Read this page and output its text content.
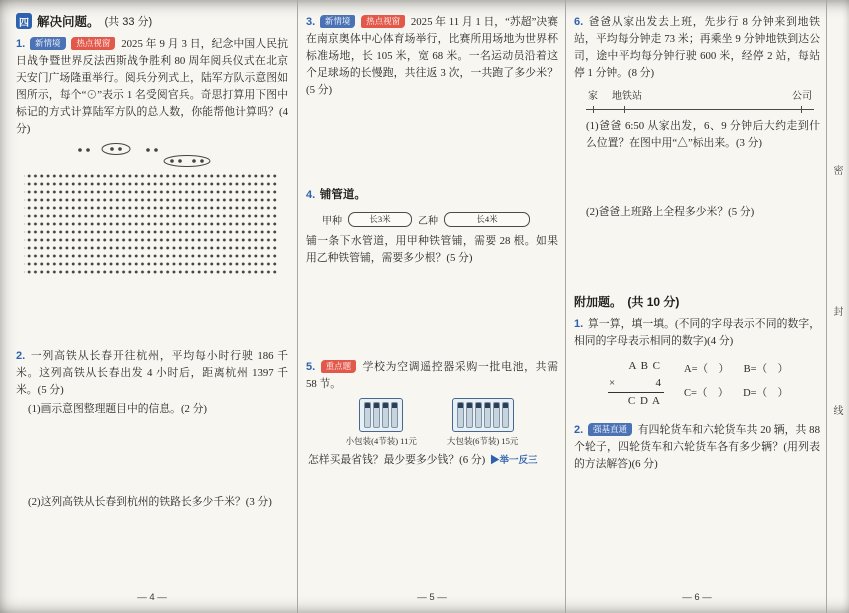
四 解决问题。 (共 33 分)

1. 新情境 热点视窗 2025 年 9 月 3 日，纪念中国人民抗日战争暨世界反法西斯战争胜利 80 周年阅兵仪式在北京天安门广场隆重举行。阅兵分列式上，陆军方队示意图如图所示，每个“⊙”表示 1 名受阅官兵。奇思打算用下图中标记的方式计算陆军方队的总人数，你能帮他计算吗？(4 分)

2. 一列高铁从长春开往杭州，平均每小时行驶 186 千米。这列高铁从长春出发 4 小时后，距离杭州 1397 千米。(5 分)

(1)画示意图整理题目中的信息。(2 分)

(2)这列高铁从长春到杭州的铁路长多少千米？(3 分)

— 4 —

3. 新情境 热点视窗 2025 年 11 月 1 日，“苏超”决赛在南京奥体中心体育场举行，比赛所用场地为世界杯标准场地，长 105 米，宽 68 米。一名运动员沿着这个足球场的长慢跑，共往返 3 次，一共跑了多少米？(5 分)

4. 铺管道。

甲种	长3米	乙种	长4米

铺一条下水管道，用甲种铁管铺，需要 28 根。如果用乙种铁管铺，需要多少根？(5 分)

5. 重点题 学校为空调遥控器采购一批电池，共需 58 节。

小包装(4节装) 11元	大包装(6节装) 15元

怎样买最省钱？最少要多少钱？(6 分) ▶举一反三

— 5 —

6. 爸爸从家出发去上班，先步行 8 分钟来到地铁站，平均每分钟走 73 米；再乘坐 9 分钟地铁到达公司，途中平均每分钟行驶 600 米，经停 2 站，每站停 1 分钟。(8 分)

家 地铁站	公司

(1)爸爸 6:50 从家出发，6、9 分钟后大约走到什么位置？在图中用“△”标出来。(3 分)

(2)爸爸上班路上全程多少米？(5 分)

附加题。 (共 10 分)

1. 算一算，填一填。(不同的字母表示不同的数字，相同的字母表示相同的数字)(4 分)

A B C
×	4
C D A
A=（　） B=（　）
C=（　） D=（　）

2. 强基直通 有四轮货车和六轮货车共 20 辆，共 88 个轮子，四轮货车和六轮货车各有多少辆？(用列表的方法解答)(6 分)

— 6 —
密
封
线
